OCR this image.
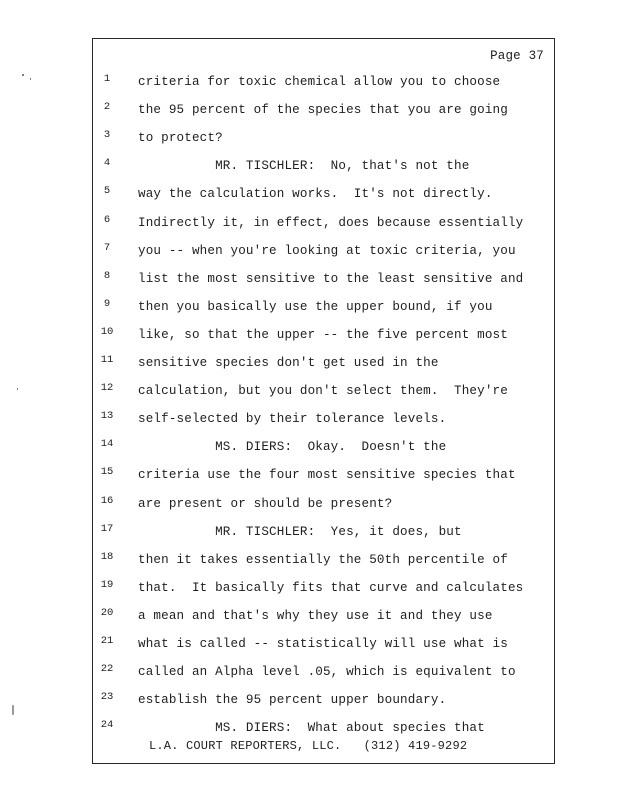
Page 37
1	criteria for toxic chemical allow you to choose
2	the 95 percent of the species that you are going
3	to protect?
4	MR. TISCHLER:  No, that's not the
5	way the calculation works.  It's not directly.
6	Indirectly it, in effect, does because essentially
7	you -- when you're looking at toxic criteria, you
8	list the most sensitive to the least sensitive and
9	then you basically use the upper bound, if you
10	like, so that the upper -- the five percent most
11	sensitive species don't get used in the
12	calculation, but you don't select them.  They're
13	self-selected by their tolerance levels.
14	MS. DIERS:  Okay.  Doesn't the
15	criteria use the four most sensitive species that
16	are present or should be present?
17	MR. TISCHLER:  Yes, it does, but
18	then it takes essentially the 50th percentile of
19	that.  It basically fits that curve and calculates
20	a mean and that's why they use it and they use
21	what is called -- statistically will use what is
22	called an Alpha level .05, which is equivalent to
23	establish the 95 percent upper boundary.
24	MS. DIERS:  What about species that
L.A. COURT REPORTERS, LLC.   (312) 419-9292
